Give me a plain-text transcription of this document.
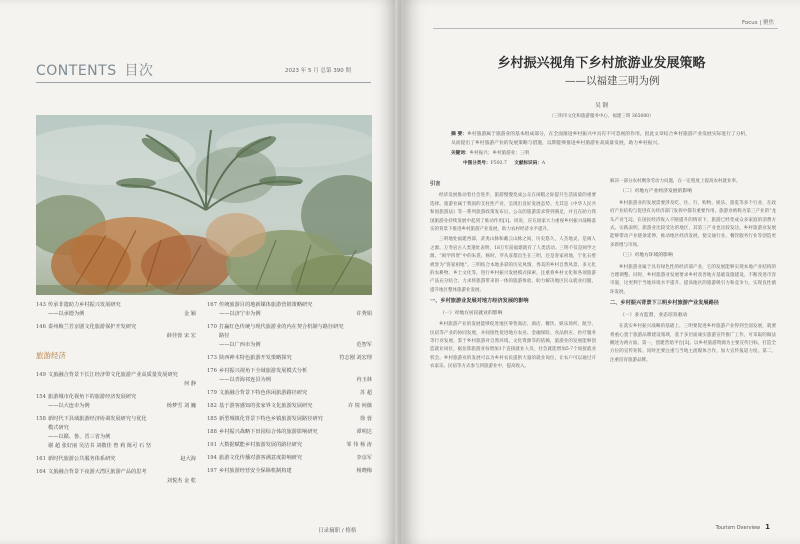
CONTENTS 目次	2023 年 5 月 总第 390 期
143 传承非遗助力乡村振兴发展研究
——以承德为例	金 颖
146 泰州梅兰芳京剧文化旅游保护开发研究
薛佳蓉 宋 宏

旅游经济
149 文旅融合背景下长江经济带文化旅游产业高质量发展研究
何 静

154 旅游城市化视角下的旅游经济发展研究
——以大连市为例	杨梦雪 刘 巍
158 新时代下县域旅游经济协调发展研究与优化
模式研究
——以赣、鲁、晋三省为例
谢 超 张好丽 吴洁书 刘敬佳 曾 莉 陈可 石 坚
161 新时代旅游公共服务体系研究	赵大海
164 文旅融合背景下夜游大湾区旅游产品的思考
刘悦杰 金 乾

167 传统旅游目的地新媒体旅游营销策略研究
——以济宁市为例	许秀娟
170 打赢红色传统与现代旅游业的内在契合机制与路径研究
路径
——以广西市为例	范智军
173 陕西神木特色旅游开发策略探究	符志刚 刘宏理
176 乡村振兴视角下全域旅游发展模式分析
——以青海祁连县为例	冉玉林
179 文旅融合背景下特色休闲旅游路径研究	苏 超
182 基于游客感知的张家界文化旅游发展研究	许 锐 何薇
185 新型城镇化背景下特色乡镇旅游发展路径研究	徐 蓉
188 乡村振兴战略下田园综合体的旅游影响研究	谭明达
191 大数据赋能乡村旅游发展的路径研究	邹 伟 杨 涛
194 旅游文化传播对游客满意度影响研究	李彦军
197 乡村旅游经营安全保障机制构建	杨晓梅
日录摘职 / 格格
Focus | 聚焦
乡村振兴视角下乡村旅游业发展策略
——以福建三明为例
吴 钢
（三明市文化和旅游服务中心，福建三明 365000）
摘 要：乡村旅游属于旅游业的基本组成部分，在全面推进乡村振兴中具有不可忽视的作用。因此文章结合乡村旅游产业发展实际进行了分析，从而提出了乡村旅游产业的发展策略与措施，以期能够推进乡村旅游业高质量发展，助力乡村振兴。
关键词：乡村振兴；乡村旅游业；三明
中图分类号：F592.7 文献标识码：A
引言

经济发展推动着社会进步，旅游慢慢变成公众在闲暇之际提升生活质量的重要选择。旅游业属于我国的支柱性产业，呈现出良好发展态势。尤其是《中华人民共和国旅游法》等一系列旅游政策发布后，公众的旅游需求得到满足，并且在助力我国旅游业持续发展中起到了推动作用[1]。同说，应在国家大力重视乡村振兴战略落实的背景下推进乡村旅游产业发展，助力农村经济水平提升。

三明地处福建西部，武夷山脉和戴云山脉之间，历史悠久，人杰地灵，是闽人之源。万寿岩古人类遗址表明，18万年前福建就有了人类活动。三明不仅是闽学之源、“闽学四贤”中的朱熹、杨时、罗从彦都出生在三明，还是客家祖地，宁化石壁被誉为“客家祖地”。三明结合本地多彩的历史风情、秀美的乡村自然风景、多元化的农耕物、乡土文化等，进行乡村振兴发展模式探索，注重将乡村文化和各项旅游产品充分结合，力求将旅游带来的一体的旅游体验，助力解决地区民众就业问题，提升地区整体旅游业发展。

一、乡村旅游业发展对地方经济发展的影响
（一）对地方居民就业的影响

乡村旅游产业的发展能够促进地区零售商店、酒店、餐饮、娱乐场所、航空、民宿等产业的协同发展，并间接性促进地方农业、金融保险、食品供应、医疗服务等行业发展。鉴于乡村旅游对自然环境、文化资源等的依赖，旅游业的发展能够创造就业岗位，据估算旅游业每增加1个直接就业人员，社会就能增加5-7个间接就业机会。乡村旅游业的发展可以为乡村农民提供大量的就业岗位，让农户可以通过开农家乐、民宿等方式参与到旅游业中，提高收入。

解决一部分农村剩余劳动力问题，在一定程度上提高农村就业率。

（二）对地方产业经济发展的影响

乡村旅游业的发展需要涉及吃、住、行、购物、娱乐、游览等多个行业，在政府产业结构与促进有关经济部门发挥中都有重要作用。旅游业被称为第三产业的“龙头产业”[2]，在国民经济收入不断提升的情况下，旅游已经变成众多家庭的消费方式。实践表明，旅游业比较受达的地区，其第三产业也比较发达。乡村旅游业发展能够带动产业链条延伸，推动地区经济发展，使交通行业、餐饮服务行业等创造更多新增与市场。

（三）对地方环境的影响

乡村旅游业属于具有绿色性的经济部产业，它的发展能够实现本地产业结构的合理调整。同时，乡村旅游业发展要求乡村改善地方基础设施建设，不断改进市容市貌，这更利于当地环境水平提升，提高地区的旅游吸引力和竞争力，实现良性循环发展。

二、乡村振兴背景下三明乡村旅游产业发展路径
（一）多方监督，业态培育驱动

在落实乡村振兴战略的基础上，三明要促进乡村旅游产业得到全面发展，就要将重心置于旅游品牌建设领域，基于多层面诚实旅游宣传推广工作，可采取的做法概述为两方面。第一，创建营销平台[3]。以乡村旅游资源为主要宣传目标，打造全方位的宣传矩阵，同时还要注重与当地主流媒体合作，加大宣传报道力度。第二，注重培育旅游品牌。

Tourism Overview 1
